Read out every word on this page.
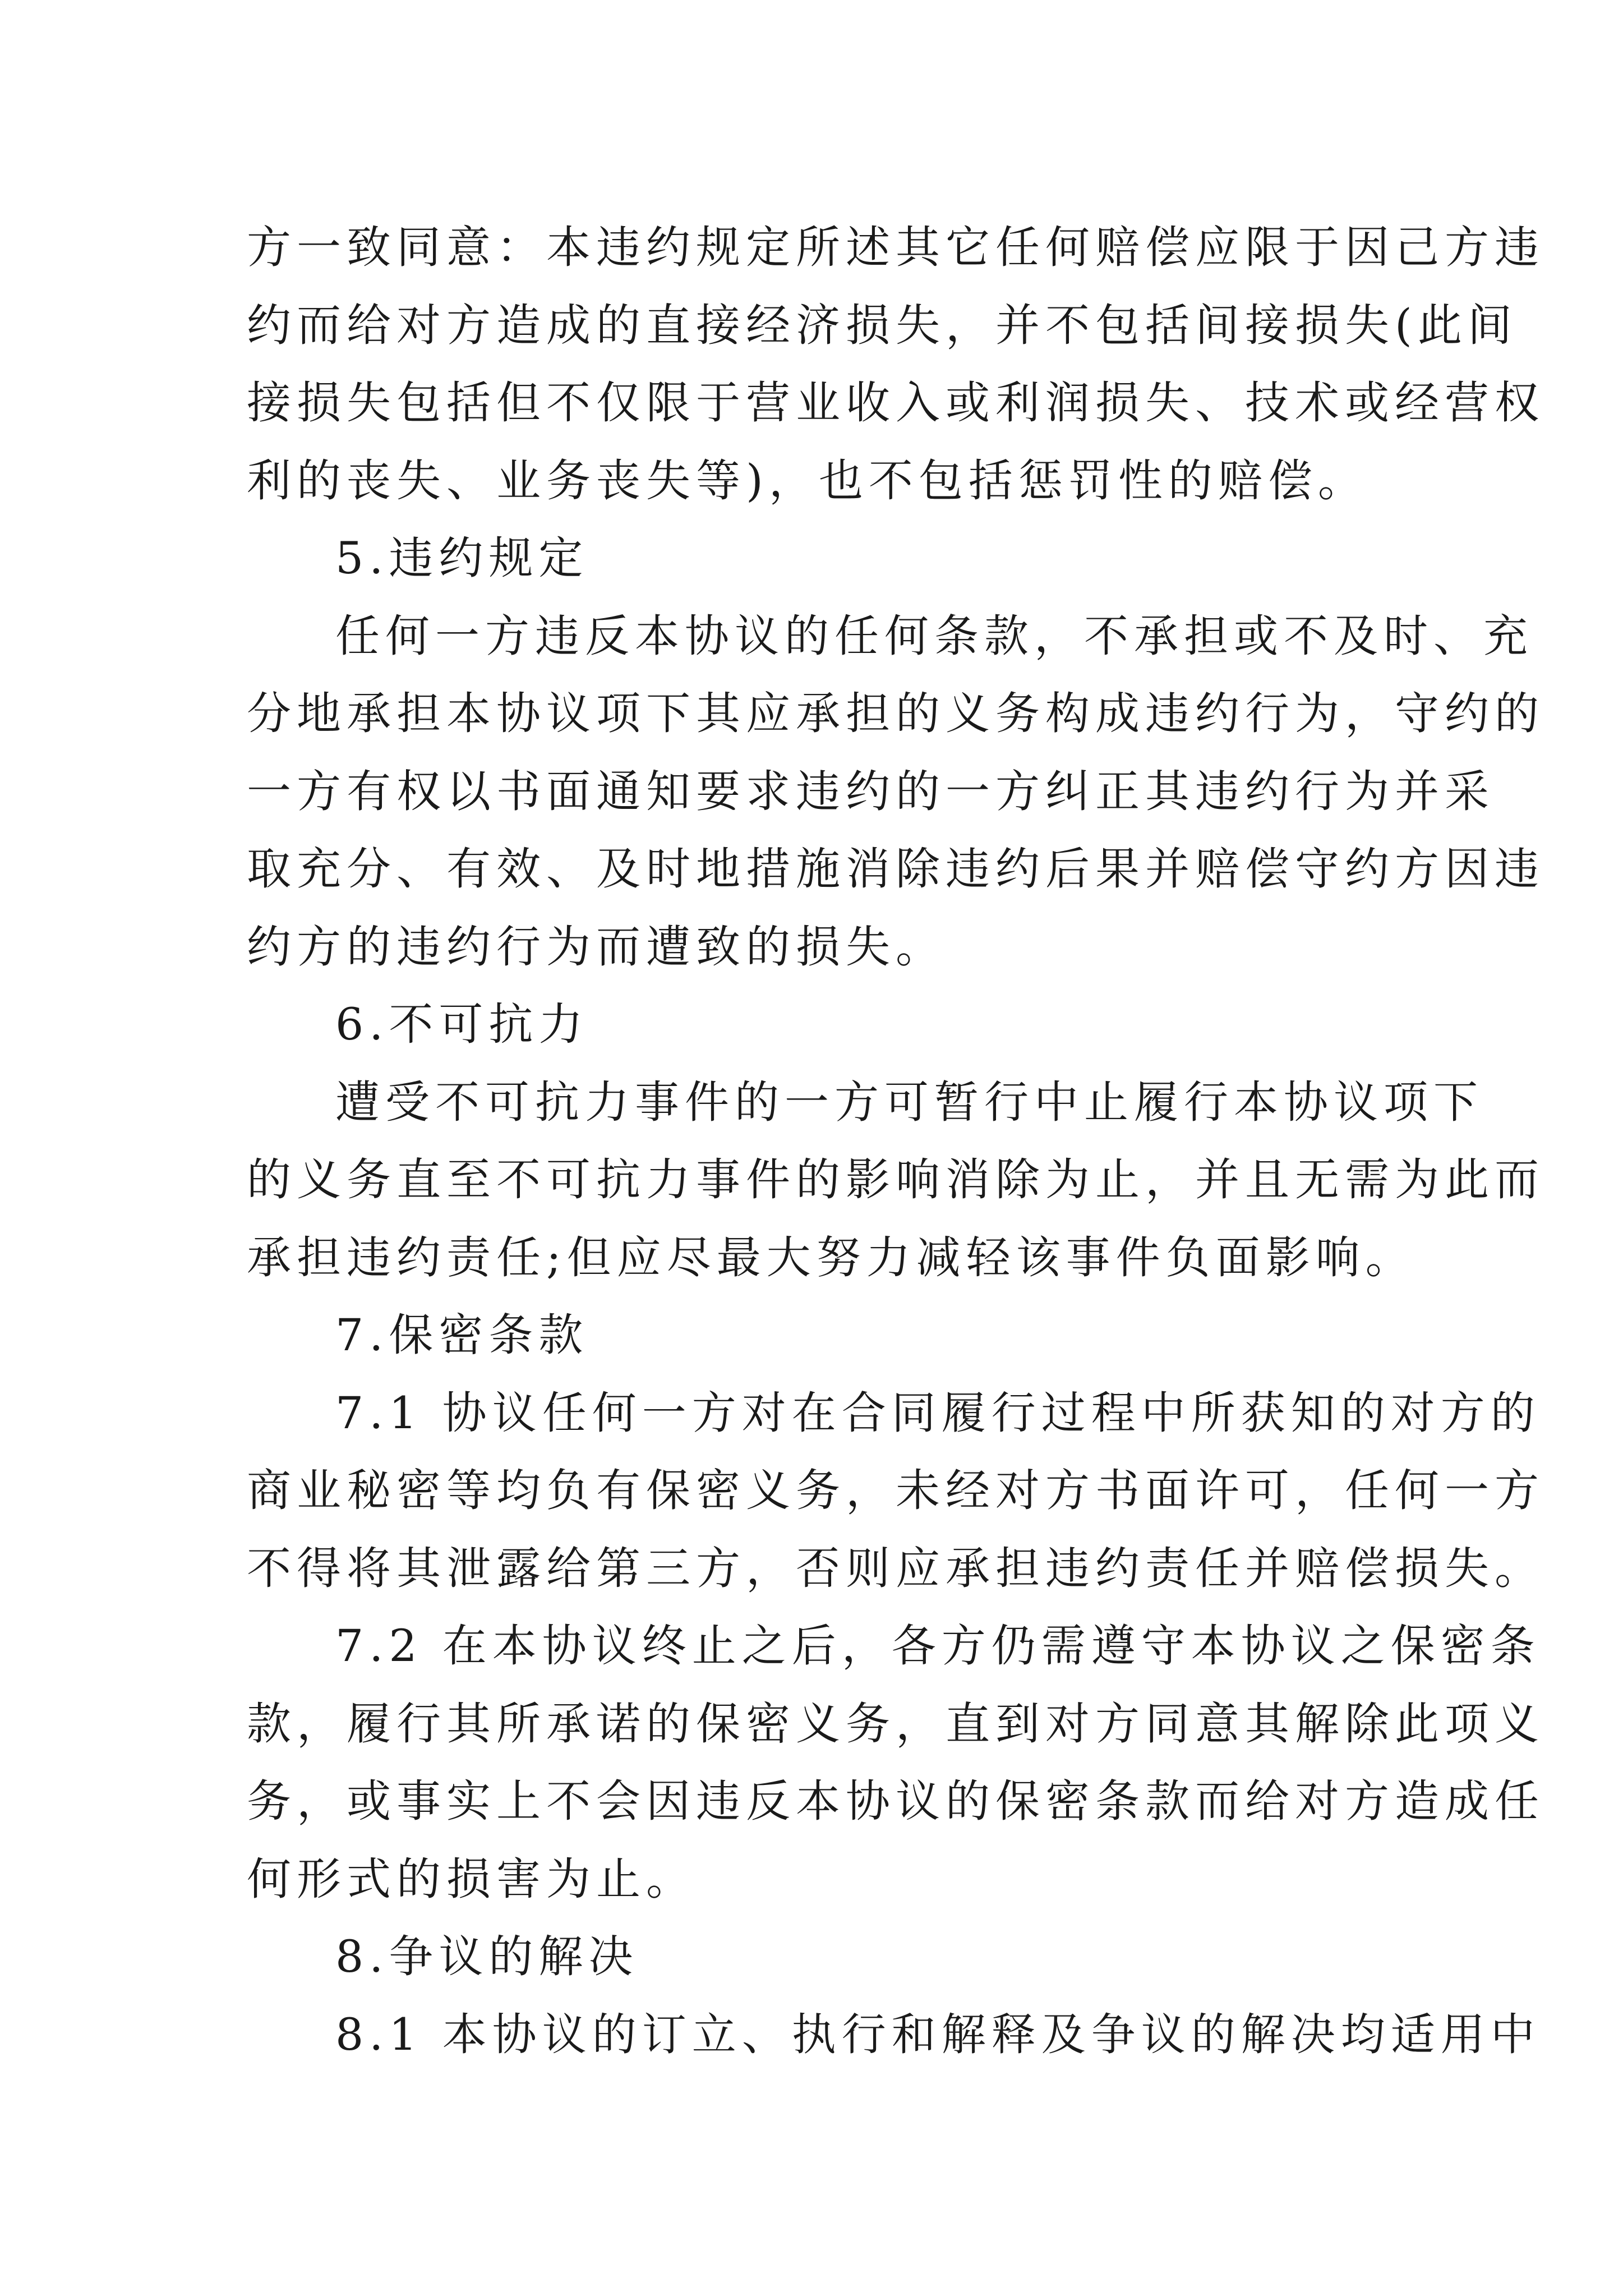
方一致同意：本违约规定所述其它任何赔偿应限于因己方违
约而给对方造成的直接经济损失，并不包括间接损失(此间
接损失包括但不仅限于营业收入或利润损失、技术或经营权
利的丧失、业务丧失等)，也不包括惩罚性的赔偿。
5.违约规定
任何一方违反本协议的任何条款，不承担或不及时、充
分地承担本协议项下其应承担的义务构成违约行为，守约的
一方有权以书面通知要求违约的一方纠正其违约行为并采
取充分、有效、及时地措施消除违约后果并赔偿守约方因违
约方的违约行为而遭致的损失。
6.不可抗力
遭受不可抗力事件的一方可暂行中止履行本协议项下
的义务直至不可抗力事件的影响消除为止，并且无需为此而
承担违约责任;但应尽最大努力减轻该事件负面影响。
7.保密条款
7.1 协议任何一方对在合同履行过程中所获知的对方的
商业秘密等均负有保密义务，未经对方书面许可，任何一方
不得将其泄露给第三方，否则应承担违约责任并赔偿损失。
7.2 在本协议终止之后，各方仍需遵守本协议之保密条
款，履行其所承诺的保密义务，直到对方同意其解除此项义
务，或事实上不会因违反本协议的保密条款而给对方造成任
何形式的损害为止。
8.争议的解决
8.1 本协议的订立、执行和解释及争议的解决均适用中
